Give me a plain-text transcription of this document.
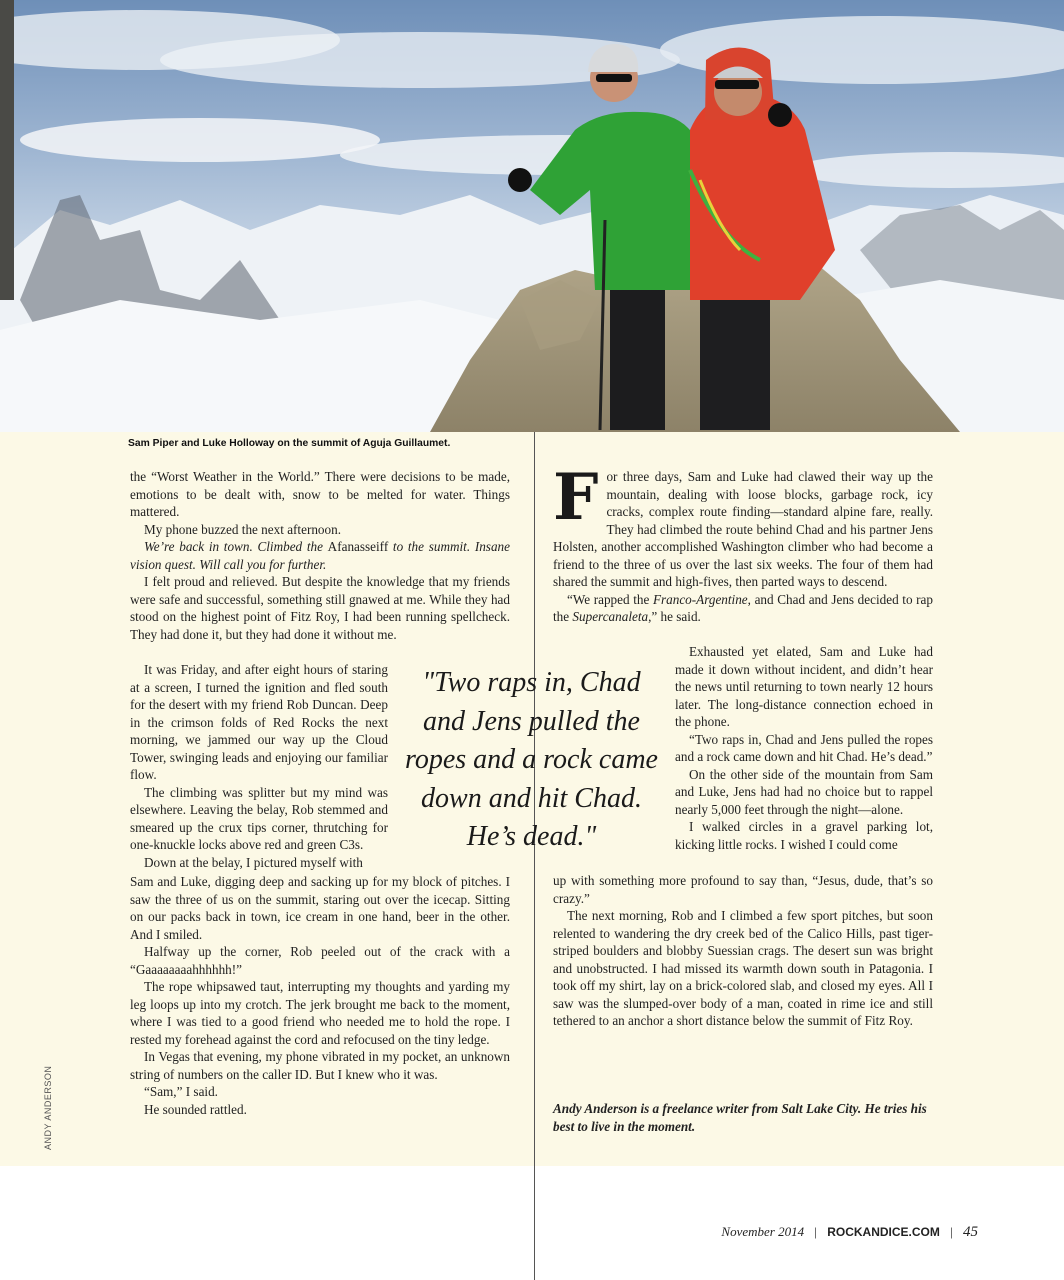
Sam Piper and Luke Holloway on the summit of Aguja Guillaumet.
ANDY ANDERSON

the “Worst Weather in the World.” There were decisions to be made, emotions to be dealt with, snow to be melted for water. Things mattered.

My phone buzzed the next afternoon.

We’re back in town. Climbed the Afanasseiff to the summit. Insane vision quest. Will call you for further.

I felt proud and relieved. But despite the knowledge that my friends were safe and successful, something still gnawed at me. While they had stood on the highest point of Fitz Roy, I had been running spellcheck. They had done it, but they had done it without me.

It was Friday, and after eight hours of staring at a screen, I turned the ignition and fled south for the desert with my friend Rob Duncan. Deep in the crimson folds of Red Rocks the next morning, we jammed our way up the Cloud Tower, swinging leads and enjoying our familiar flow.

The climbing was splitter but my mind was elsewhere. Leaving the belay, Rob stemmed and smeared up the crux tips corner, thrutching for one-knuckle locks above red and green C3s.

Down at the belay, I pictured myself with

Sam and Luke, digging deep and sacking up for my block of pitches. I saw the three of us on the summit, staring out over the icecap. Sitting on our packs back in town, ice cream in one hand, beer in the other. And I smiled.

Halfway up the corner, Rob peeled out of the crack with a “Gaaaaaaaahhhhhh!”

The rope whipsawed taut, interrupting my thoughts and yarding my leg loops up into my crotch. The jerk brought me back to the moment, where I was tied to a good friend who needed me to hold the rope. I rested my forehead against the cord and refocused on the tiny ledge.

In Vegas that evening, my phone vibrated in my pocket, an unknown string of numbers on the caller ID. But I knew who it was.

“Sam,” I said.

He sounded rattled.

"Two raps in, Chad and Jens pulled the ropes and a rock came down and hit Chad. He’s dead."

For three days, Sam and Luke had clawed their way up the mountain, dealing with loose blocks, garbage rock, icy cracks, complex route finding—standard alpine fare, really. They had climbed the route behind Chad and his partner Jens Holsten, another accomplished Washington climber who had become a friend to the three of us over the last six weeks. The four of them had shared the summit and high-fives, then parted ways to descend.

“We rapped the Franco-Argentine, and Chad and Jens decided to rap the Supercanaleta,” he said.

Exhausted yet elated, Sam and Luke had made it down without incident, and didn’t hear the news until returning to town nearly 12 hours later. The long-distance connection echoed in the phone.

“Two raps in, Chad and Jens pulled the ropes and a rock came down and hit Chad. He’s dead.”

On the other side of the mountain from Sam and Luke, Jens had had no choice but to rappel nearly 5,000 feet through the night—alone.

I walked circles in a gravel parking lot, kicking little rocks. I wished I could come

up with something more profound to say than, “Jesus, dude, that’s so crazy.”

The next morning, Rob and I climbed a few sport pitches, but soon relented to wandering the dry creek bed of the Calico Hills, past tiger-striped boulders and blobby Suessian crags. The desert sun was bright and unobstructed. I had missed its warmth down south in Patagonia. I took off my shirt, lay on a brick-colored slab, and closed my eyes. All I saw was the slumped-over body of a man, coated in rime ice and still tethered to an anchor a short distance below the summit of Fitz Roy.

Andy Anderson is a freelance writer from Salt Lake City. He tries his best to live in the moment.
November 2014 | ROCKANDICE.COM | 45
